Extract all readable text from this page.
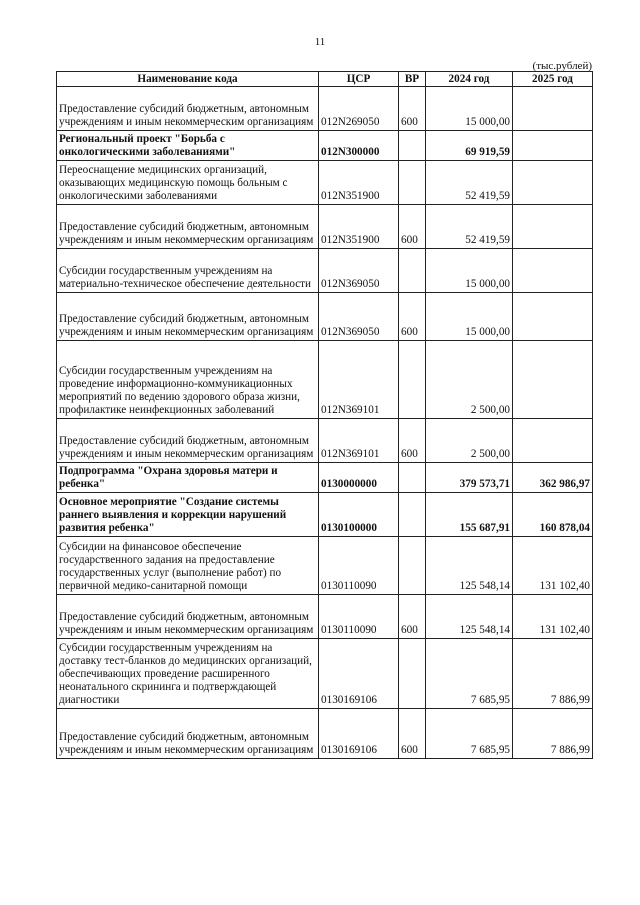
11
(тыс.рублей)
Наименование кода	ЦСР	ВР	2024 год	2025 год
Предоставление субсидий бюджетным, автономным учреждениям и иным некоммерческим организациям	012N269050	600	15 000,00	
Региональный проект "Борьба с онкологическими заболеваниями"	012N300000		69 919,59	
Переоснащение медицинских организаций, оказывающих медицинскую помощь больным с онкологическими заболеваниями	012N351900		52 419,59	
Предоставление субсидий бюджетным, автономным учреждениям и иным некоммерческим организациям	012N351900	600	52 419,59	
Субсидии государственным учреждениям на материально-техническое обеспечение деятельности	012N369050		15 000,00	
Предоставление субсидий бюджетным, автономным учреждениям и иным некоммерческим организациям	012N369050	600	15 000,00	
Субсидии государственным учреждениям на проведение информационно-коммуникационных мероприятий по ведению здорового образа жизни, профилактике неинфекционных заболеваний	012N369101		2 500,00	
Предоставление субсидий бюджетным, автономным учреждениям и иным некоммерческим организациям	012N369101	600	2 500,00	
Подпрограмма "Охрана здоровья матери и ребенка"	0130000000		379 573,71	362 986,97
Основное мероприятие "Создание системы раннего выявления и коррекции нарушений развития ребенка"	0130100000		155 687,91	160 878,04
Субсидии на финансовое обеспечение государственного задания на предоставление государственных услуг (выполнение работ) по первичной медико-санитарной помощи	0130110090		125 548,14	131 102,40
Предоставление субсидий бюджетным, автономным учреждениям и иным некоммерческим организациям	0130110090	600	125 548,14	131 102,40
Субсидии государственным учреждениям на доставку тест-бланков до медицинских организаций, обеспечивающих проведение расширенного неонатального скрининга и подтверждающей диагностики	0130169106		7 685,95	7 886,99
Предоставление субсидий бюджетным, автономным учреждениям и иным некоммерческим организациям	0130169106	600	7 685,95	7 886,99
